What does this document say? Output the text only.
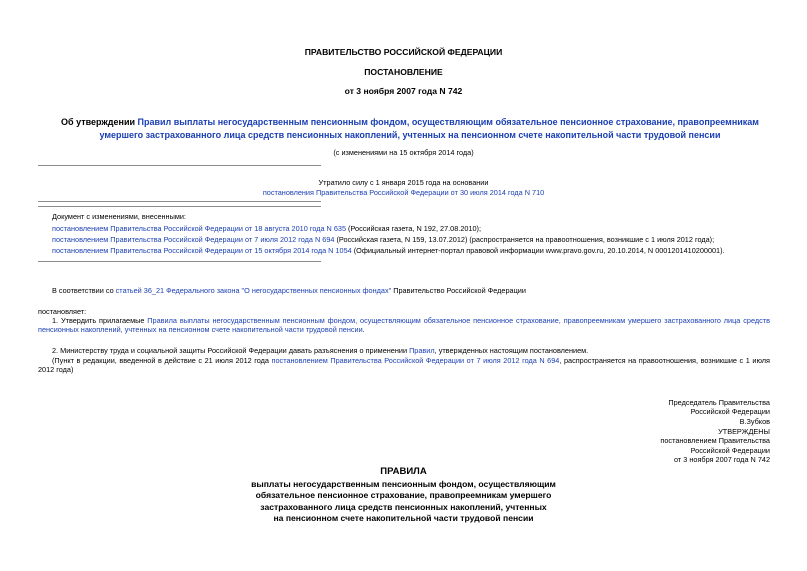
ПРАВИТЕЛЬСТВО РОССИЙСКОЙ ФЕДЕРАЦИИ
ПОСТАНОВЛЕНИЕ
от 3 ноября 2007 года N 742
Об утверждении Правил выплаты негосударственным пенсионным фондом, осуществляющим обязательное пенсионное страхование, правопреемникам умершего застрахованного лица средств пенсионных накоплений, учтенных на пенсионном счете накопительной части трудовой пенсии
(с изменениями на 15 октября 2014 года)
Утратило силу с 1 января 2015 года на основании
постановления Правительства Российской Федерации от 30 июля 2014 года N 710
Документ с изменениями, внесенными:
постановлением Правительства Российской Федерации от 18 августа 2010 года N 635 (Российская газета, N 192, 27.08.2010);
постановлением Правительства Российской Федерации от 7 июля 2012 года N 694 (Российская газета, N 159, 13.07.2012) (распространяется на правоотношения, возникшие с 1 июля 2012 года);
постановлением Правительства Российской Федерации от 15 октября 2014 года N 1054 (Официальный интернет-портал правовой информации www.pravo.gov.ru, 20.10.2014, N 0001201410200001).
В соответствии со статьей 36_21 Федерального закона "О негосударственных пенсионных фондах" Правительство Российской Федерации
постановляет:
1. Утвердить прилагаемые Правила выплаты негосударственным пенсионным фондом, осуществляющим обязательное пенсионное страхование, правопреемникам умершего застрахованного лица средств пенсионных накоплений, учтенных на пенсионном счете накопительной части трудовой пенсии.
2. Министерству труда и социальной защиты Российской Федерации давать разъяснения о применении Правил, утвержденных настоящим постановлением.
(Пункт в редакции, введенной в действие с 21 июля 2012 года постановлением Правительства Российской Федерации от 7 июля 2012 года N 694, распространяется на правоотношения, возникшие с 1 июля 2012 года)
Председатель Правительства
Российской Федерации
В.Зубков
УТВЕРЖДЕНЫ
постановлением Правительства
Российской Федерации
от 3 ноября 2007 года N 742
ПРАВИЛА
выплаты негосударственным пенсионным фондом, осуществляющим
обязательное пенсионное страхование, правопреемникам умершего
застрахованного лица средств пенсионных накоплений, учтенных
на пенсионном счете накопительной части трудовой пенсии
